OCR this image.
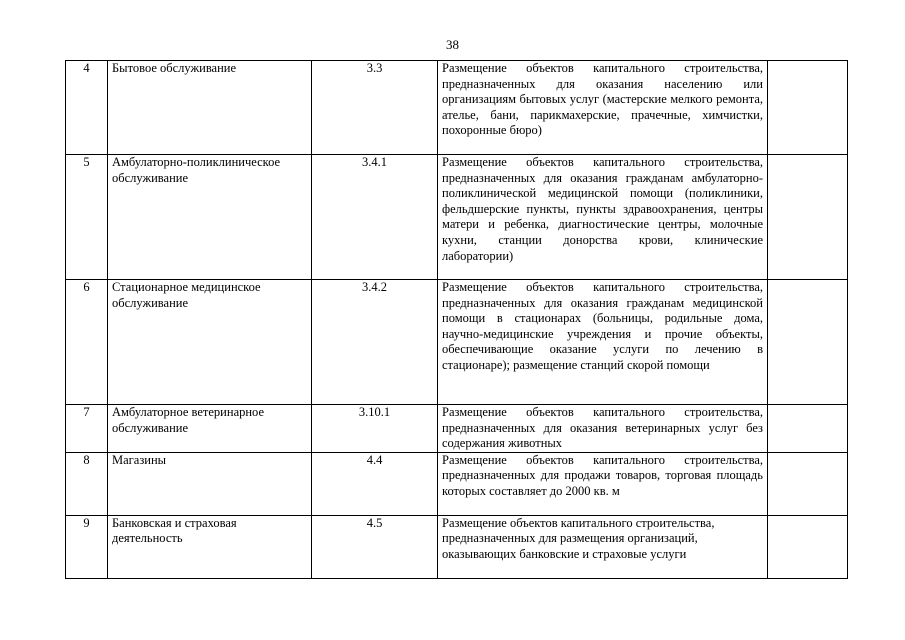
38
4	Бытовое обслуживание	3.3	Размещение объектов капитального строительства, предназначенных для оказания населению или организациям бытовых услуг (мастерские мелкого ремонта, ателье, бани, парикмахерские, прачечные, химчистки, похоронные бюро)	
5	Амбулаторно-поликлиническое обслуживание	3.4.1	Размещение объектов капитального строительства, предназначенных для оказания гражданам амбулаторно-поликлинической медицинской помощи (поликлиники, фельдшерские пункты, пункты здравоохранения, центры матери и ребенка, диагностические центры, молочные кухни, станции донорства крови, клинические лаборатории)	
6	Стационарное медицинское обслуживание	3.4.2	Размещение объектов капитального строительства, предназначенных для оказания гражданам медицинской помощи в стационарах (больницы, родильные дома, научно-медицинские учреждения и прочие объекты, обеспечивающие оказание услуги по лечению в стационаре); размещение станций скорой помощи	
7	Амбулаторное ветеринарное обслуживание	3.10.1	Размещение объектов капитального строительства, предназначенных для оказания ветеринарных услуг без содержания животных	
8	Магазины	4.4	Размещение объектов капитального строительства, предназначенных для продажи товаров, торговая площадь которых составляет до 2000 кв. м	
9	Банковская и страховая деятельность	4.5	Размещение объектов капитального строительства, предназначенных для размещения организаций, оказывающих банковские и страховые услуги	
